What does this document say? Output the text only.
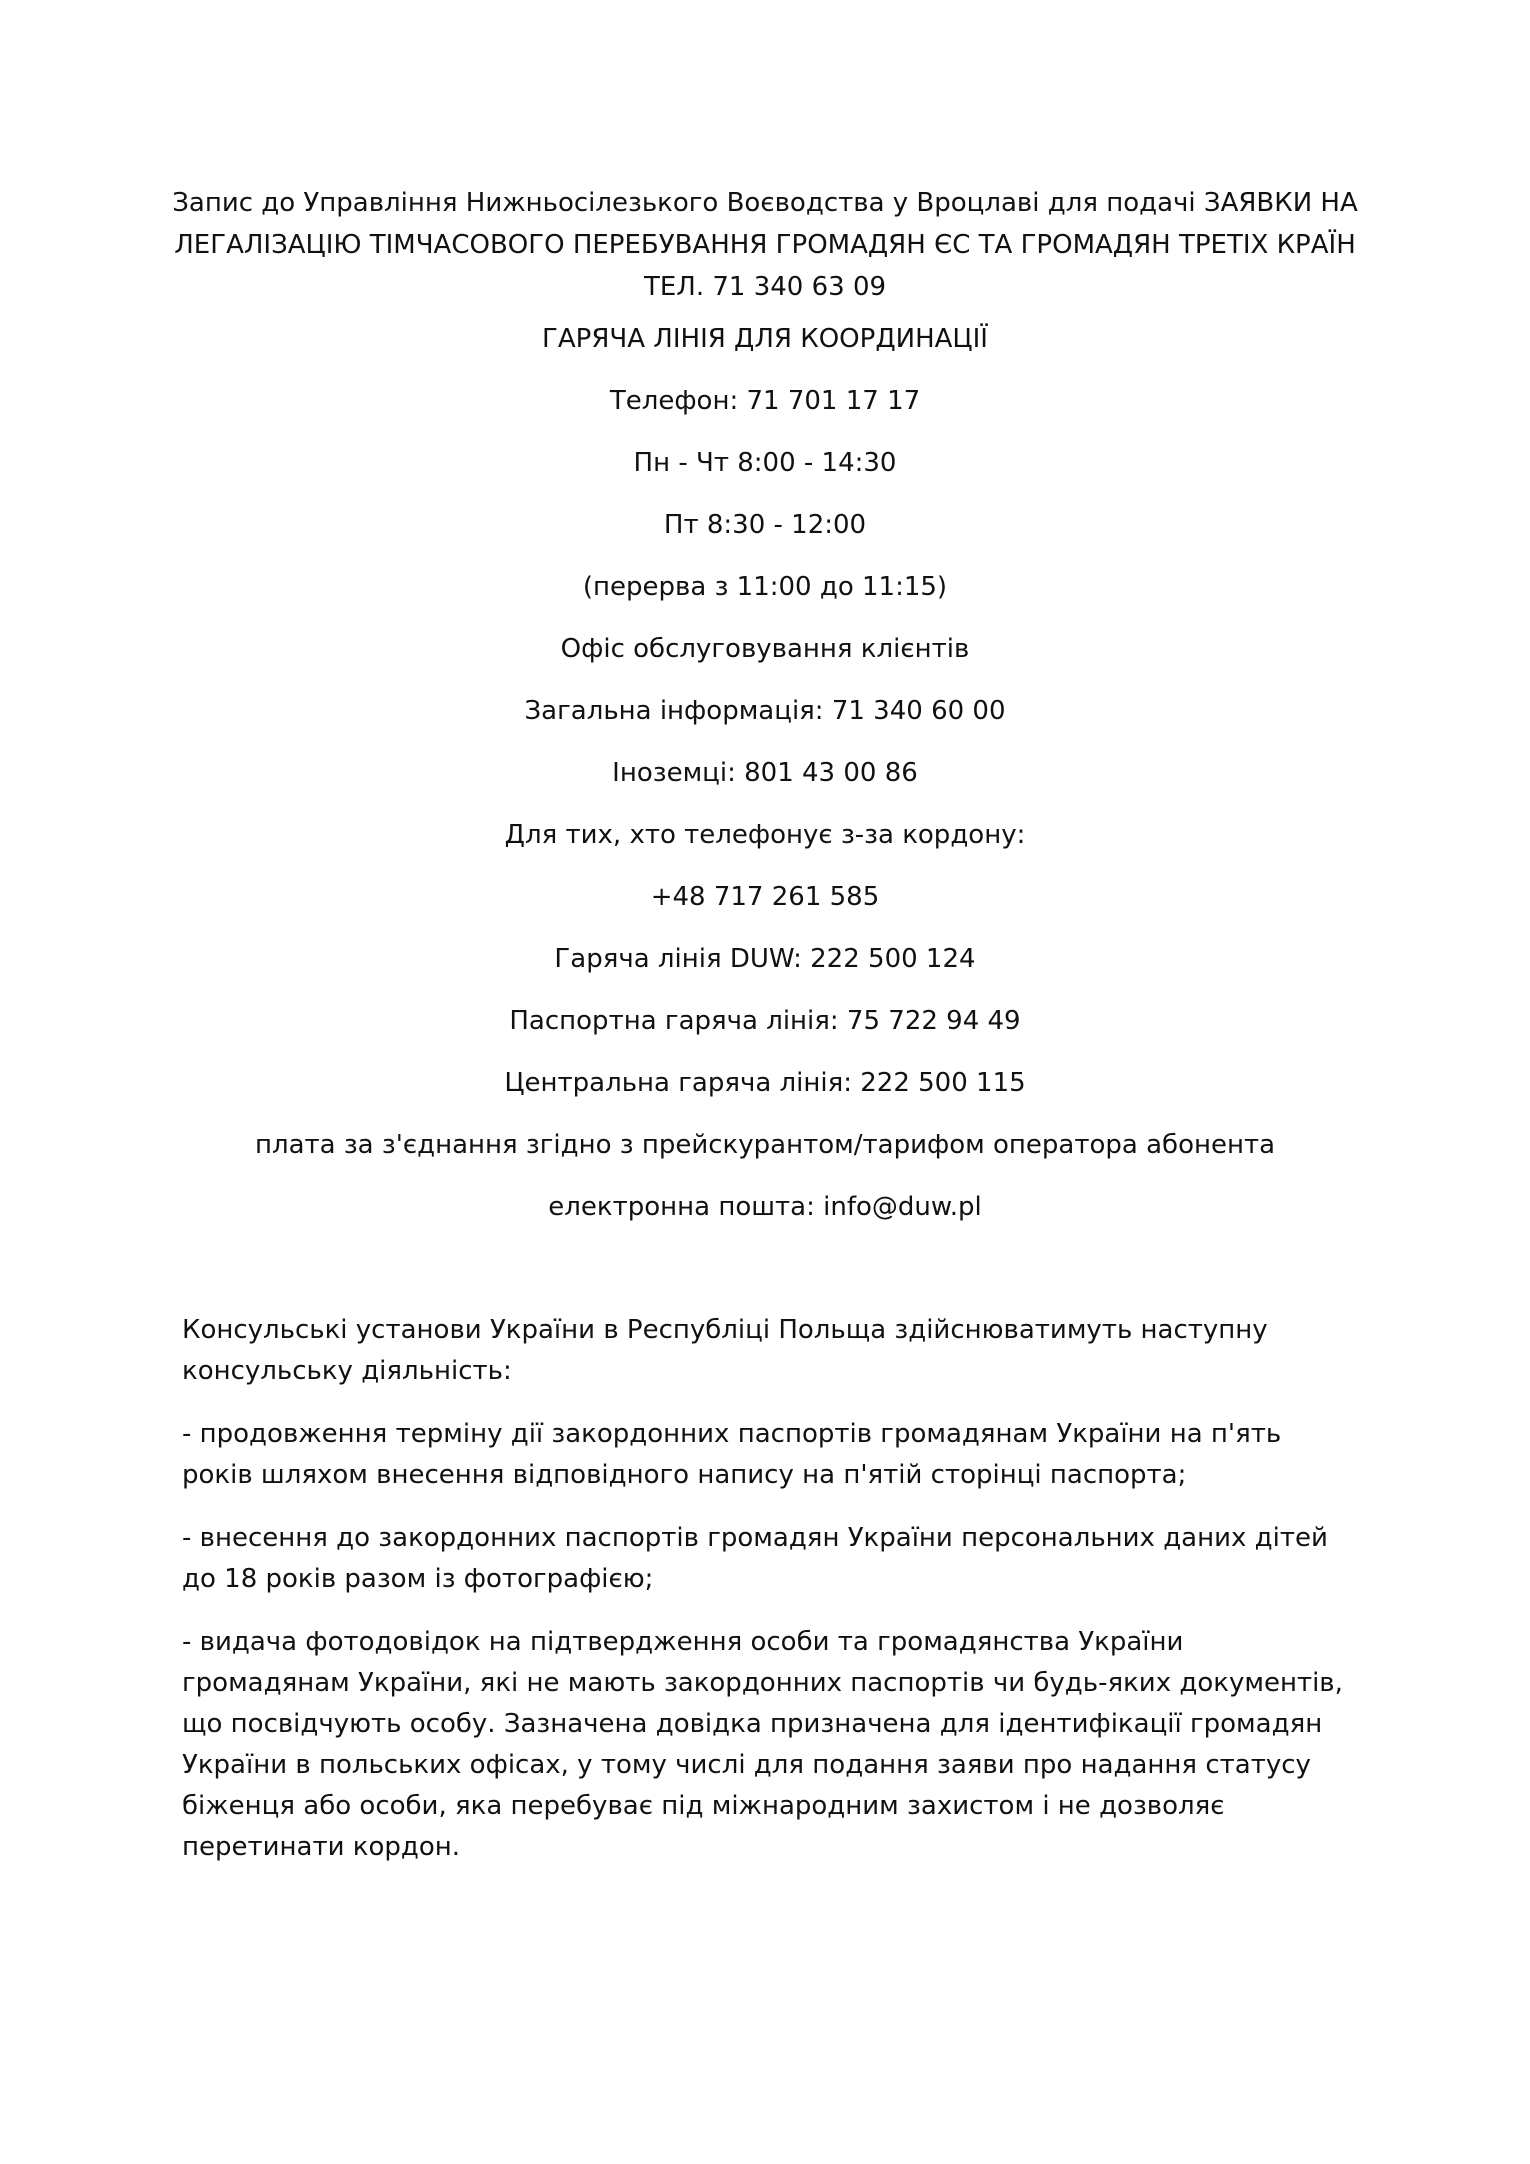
Запис до Управління Нижньосілезького Воєводства у Вроцлаві для подачі ЗАЯВКИ НА
ЛЕГАЛІЗАЦІЮ ТІМЧАСОВОГО ПЕРЕБУВАННЯ ГРОМАДЯН ЄС ТА ГРОМАДЯН ТРЕТІХ КРАЇН
ТЕЛ. 71 340 63 09
ГАРЯЧА ЛІНІЯ ДЛЯ КООРДИНАЦІЇ
Телефон: 71 701 17 17
Пн - Чт 8:00 - 14:30
Пт 8:30 - 12:00
(перерва з 11:00 до 11:15)
Офіс обслуговування клієнтів
Загальна інформація: 71 340 60 00
Іноземці: 801 43 00 86
Для тих, хто телефонує з-за кордону:
+48 717 261 585
Гаряча лінія DUW: 222 500 124
Паспортна гаряча лінія: 75 722 94 49
Центральна гаряча лінія: 222 500 115
плата за з'єднання згідно з прейскурантом/тарифом оператора абонента
електронна пошта: info@duw.pl

Консульські установи України в Республіці Польща здійснюватимуть наступну консульську діяльність:

- продовження терміну дії закордонних паспортів громадянам України на п'ять років шляхом внесення відповідного напису на п'ятій сторінці паспорта;

- внесення до закордонних паспортів громадян України персональних даних дітей до 18 років разом із фотографією;

- видача фотодовідок на підтвердження особи та громадянства України громадянам України, які не мають закордонних паспортів чи будь-яких документів, що посвідчують особу. Зазначена довідка призначена для ідентифікації громадян України в польських офісах, у тому числі для подання заяви про надання статусу біженця або особи, яка перебуває під міжнародним захистом і не дозволяє перетинати кордон.
